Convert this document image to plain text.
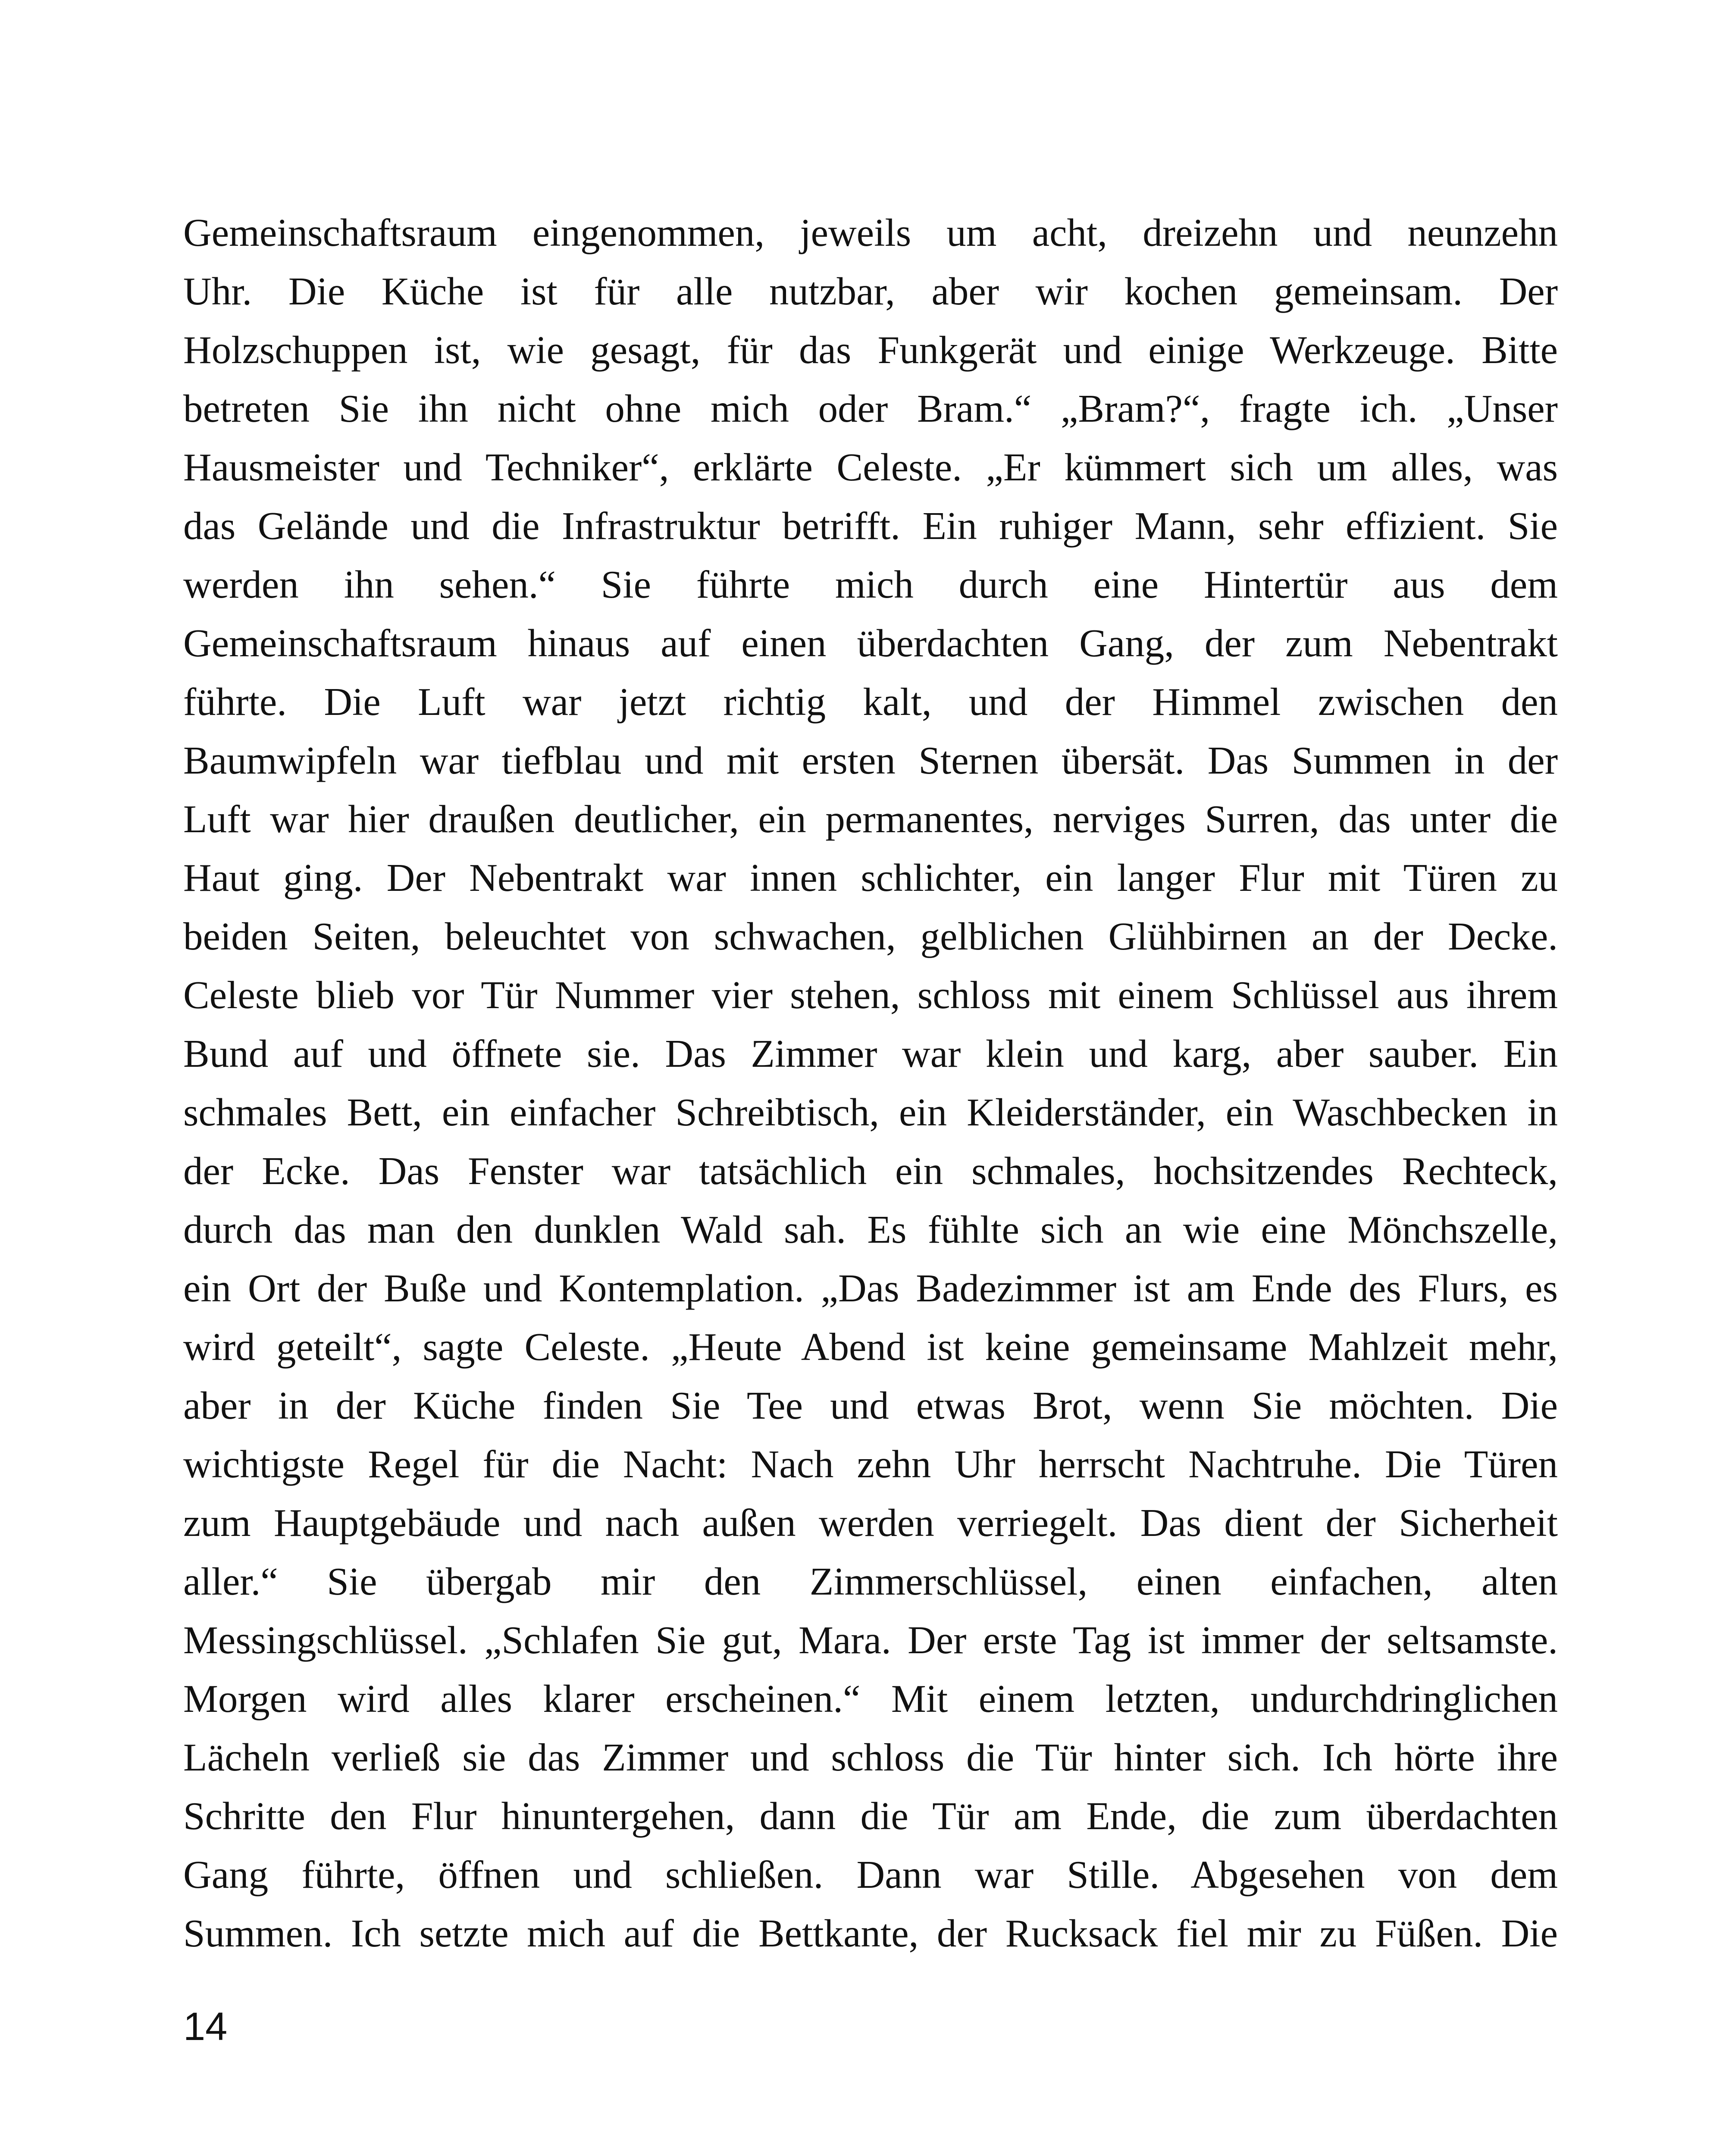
Gemeinschaftsraum eingenommen, jeweils um acht, dreizehn und neunzehn
Uhr. Die Küche ist für alle nutzbar, aber wir kochen gemeinsam. Der
Holzschuppen ist, wie gesagt, für das Funkgerät und einige Werkzeuge. Bitte
betreten Sie ihn nicht ohne mich oder Bram.“ „Bram?“, fragte ich. „Unser
Hausmeister und Techniker“, erklärte Celeste. „Er kümmert sich um alles, was
das Gelände und die Infrastruktur betrifft. Ein ruhiger Mann, sehr effizient. Sie
werden ihn sehen.“ Sie führte mich durch eine Hintertür aus dem
Gemeinschaftsraum hinaus auf einen überdachten Gang, der zum Nebentrakt
führte. Die Luft war jetzt richtig kalt, und der Himmel zwischen den
Baumwipfeln war tiefblau und mit ersten Sternen übersät. Das Summen in der
Luft war hier draußen deutlicher, ein permanentes, nerviges Surren, das unter die
Haut ging. Der Nebentrakt war innen schlichter, ein langer Flur mit Türen zu
beiden Seiten, beleuchtet von schwachen, gelblichen Glühbirnen an der Decke.
Celeste blieb vor Tür Nummer vier stehen, schloss mit einem Schlüssel aus ihrem
Bund auf und öffnete sie. Das Zimmer war klein und karg, aber sauber. Ein
schmales Bett, ein einfacher Schreibtisch, ein Kleiderständer, ein Waschbecken in
der Ecke. Das Fenster war tatsächlich ein schmales, hochsitzendes Rechteck,
durch das man den dunklen Wald sah. Es fühlte sich an wie eine Mönchszelle,
ein Ort der Buße und Kontemplation. „Das Badezimmer ist am Ende des Flurs, es
wird geteilt“, sagte Celeste. „Heute Abend ist keine gemeinsame Mahlzeit mehr,
aber in der Küche finden Sie Tee und etwas Brot, wenn Sie möchten. Die
wichtigste Regel für die Nacht: Nach zehn Uhr herrscht Nachtruhe. Die Türen
zum Hauptgebäude und nach außen werden verriegelt. Das dient der Sicherheit
aller.“ Sie übergab mir den Zimmerschlüssel, einen einfachen, alten
Messingschlüssel. „Schlafen Sie gut, Mara. Der erste Tag ist immer der seltsamste.
Morgen wird alles klarer erscheinen.“ Mit einem letzten, undurchdringlichen
Lächeln verließ sie das Zimmer und schloss die Tür hinter sich. Ich hörte ihre
Schritte den Flur hinuntergehen, dann die Tür am Ende, die zum überdachten
Gang führte, öffnen und schließen. Dann war Stille. Abgesehen von dem
Summen. Ich setzte mich auf die Bettkante, der Rucksack fiel mir zu Füßen. Die
14
